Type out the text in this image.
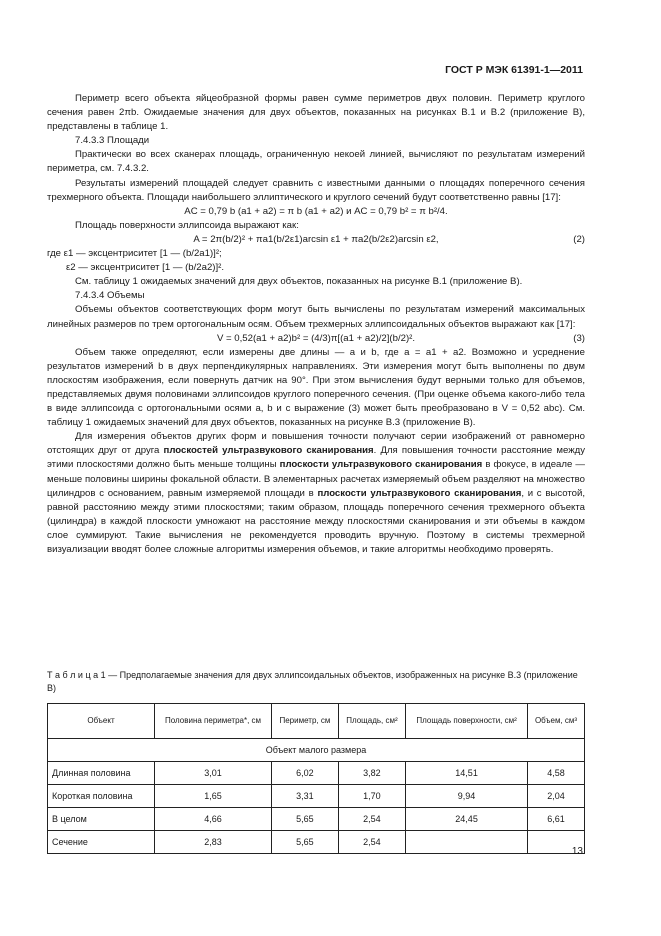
ГОСТ Р МЭК 61391-1—2011

Периметр всего объекта яйцеобразной формы равен сумме периметров двух половин. Периметр круглого сечения равен 2πb. Ожидаемые значения для двух объектов, показанных на рисунках В.1 и В.2 (приложение В), представлены в таблице 1.

7.4.3.3 Площади

Практически во всех сканерах площадь, ограниченную некоей линией, вычисляют по результатам измерений периметра, см. 7.4.3.2.

Результаты измерений площадей следует сравнить с известными данными о площадях поперечного сечения трехмерного объекта. Площади наибольшего эллиптического и круглого сечений будут соответственно равны [17]:

AC = 0,79 b (a1 + a2) = π b (a1 + a2) и AC = 0,79 b² = π b²/4.

Площадь поверхности эллипсоида выражают как:

A = 2π(b/2)² + πa1(b/2ε1)arcsin ε1 + πa2(b/2ε2)arcsin ε2,	(2)

где ε1 — эксцентриситет [1 — (b/2a1)]²;

ε2 — эксцентриситет [1 — (b/2a2)]².

См. таблицу 1 ожидаемых значений для двух объектов, показанных на рисунке В.1 (приложение В).

7.4.3.4 Объемы

Объемы объектов соответствующих форм могут быть вычислены по результатам измерений максимальных линейных размеров по трем ортогональным осям. Объем трехмерных эллипсоидальных объектов выражают как [17]:

V = 0,52(a1 + a2)b² = (4/3)π[(a1 + a2)/2](b/2)².	(3)

Объем также определяют, если измерены две длины — a и b, где a = a1 + a2. Возможно и усреднение результатов измерений b в двух перпендикулярных направлениях. Эти измерения могут быть выполнены по двум плоскостям изображения, если повернуть датчик на 90°. При этом вычисления будут верными только для объемов, представляемых двумя половинами эллипсоидов круглого поперечного сечения. (При оценке объема какого-либо тела в виде эллипсоида с ортогональными осями a, b и c выражение (3) может быть преобразовано в V = 0,52 abc). См. таблицу 1 ожидаемых значений для двух объектов, показанных на рисунке В.3 (приложение В).

Для измерения объектов других форм и повышения точности получают серии изображений от равномерно отстоящих друг от друга плоскостей ультразвукового сканирования. Для повышения точности расстояние между этими плоскостями должно быть меньше толщины плоскости ультразвукового сканирования в фокусе, в идеале — меньше половины ширины фокальной области. В элементарных расчетах измеряемый объем разделяют на множество цилиндров с основанием, равным измеряемой площади в плоскости ультразвукового сканирования, и с высотой, равной расстоянию между этими плоскостями; таким образом, площадь поперечного сечения трехмерного объекта (цилиндра) в каждой плоскости умножают на расстояние между плоскостями сканирования и эти объемы в каждом слое суммируют. Такие вычисления не рекомендуется проводить вручную. Поэтому в системы трехмерной визуализации вводят более сложные алгоритмы измерения объемов, и такие алгоритмы необходимо проверять.

Т а б л и ц а 1 — Предполагаемые значения для двух эллипсоидальных объектов, изображенных на рисунке В.3 (приложение В)
Объект	Половина периметра*, см	Периметр, см	Площадь, см²	Площадь поверхности, см²	Объем, см³
Объект малого размера					
Длинная половина	3,01	6,02	3,82	14,51	4,58
Короткая половина	1,65	3,31	1,70	9,94	2,04
В целом	4,66	5,65	2,54	24,45	6,61
Сечение	2,83	5,65	2,54		
13
